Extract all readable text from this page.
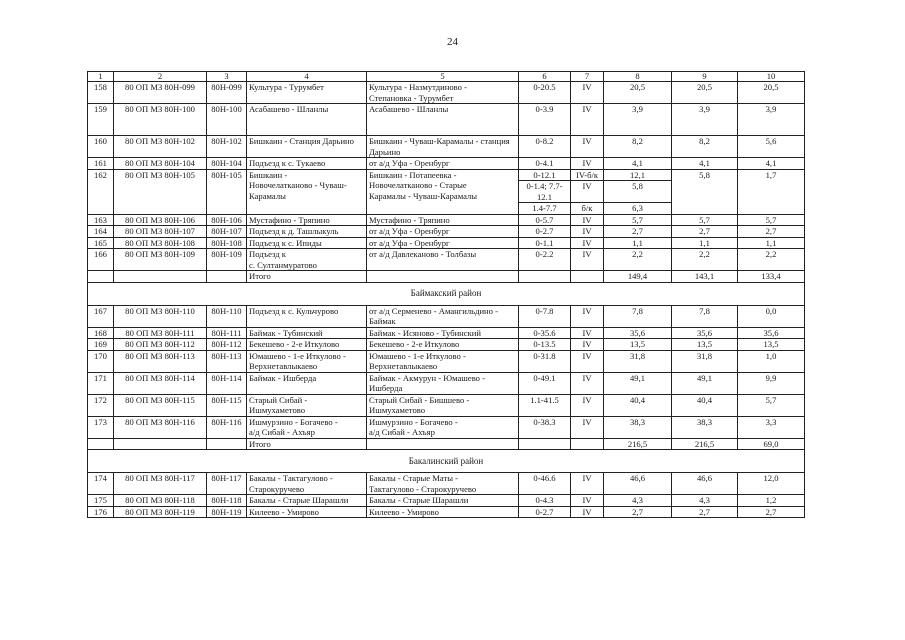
24
1	2	3	4	5	6	7	8	9	10
158	80 ОП МЗ 80Н-099	80Н-099	Культура - Турумбет	Культура - Назмутдиново -
Степановка - Турумбет	0-20.5	IV	20,5	20,5	20,5
159	80 ОП МЗ 80Н-100	80Н-100	Асабашево - Шланлы	Асабашево - Шланлы	0-3.9	IV	3,9	3,9	3,9
160	80 ОП МЗ 80Н-102	80Н-102	Бишкаин - Станция Дарьино	Бишкаин - Чуваш-Карамалы - станция
Дарьино	0-8.2	IV	8,2	8,2	5,6
161	80 ОП МЗ 80Н-104	80Н-104	Подъезд к с. Тукаево	от а/д Уфа - Оренбург	0-4.1	IV	4,1	4,1	4,1
162	80 ОП МЗ 80Н-105	80Н-105	Бишкаин -
Новочелатканово - Чуваш-
Карамалы	Бишкаин - Потапеевка -
Новочелатканово - Старые
Карамалы - Чуваш-Карамалы	0-12.1	IV-б/к	12,1	5,8	1,7
					0-1.4; 7.7-
12.1	IV	5,8		
					1.4-7.7	б/к	6,3		
163	80 ОП МЗ 80Н-106	80Н-106	Мустафино - Тряпино	Мустафино - Тряпино	0-5.7	IV	5,7	5,7	5,7
164	80 ОП МЗ 80Н-107	80Н-107	Подъезд к д. Ташлыкуль	от а/д Уфа - Оренбург	0-2.7	IV	2,7	2,7	2,7
165	80 ОП МЗ 80Н-108	80Н-108	Подъезд к с. Ипиды	от а/д Уфа - Оренбург	0-1.1	IV	1,1	1,1	1,1
166	80 ОП МЗ 80Н-109	80Н-109	Подъезд к
с. Султанмуратово	от а/д Давлеканово - Толбазы	0-2.2	IV	2,2	2,2	2,2
			Итого				149,4	143,1	133,4
Баймакский район									
167	80 ОП МЗ 80Н-110	80Н-110	Подъезд к с. Кульчурово	от а/д Серменево - Амангильдино -
Баймак	0-7.8	IV	7,8	7,8	0,0
168	80 ОП МЗ 80Н-111	80Н-111	Баймак - Тубинский	Баймак - Исяново - Тубинский	0-35.6	IV	35,6	35,6	35,6
169	80 ОП МЗ 80Н-112	80Н-112	Бекешево - 2-е Иткулово	Бекешево - 2-е Иткулово	0-13.5	IV	13,5	13,5	13,5
170	80 ОП МЗ 80Н-113	80Н-113	Юмашево - 1-е Иткулово -
Верхнетавлыкаево	Юмашево - 1-е Иткулово -
Верхнетавлыкаево	0-31.8	IV	31,8	31,8	1,0
171	80 ОП МЗ 80Н-114	80Н-114	Баймак - Ишберда	Баймак - Акмурун - Юмашево -
Ишберда	0-49.1	IV	49,1	49,1	9,9
172	80 ОП МЗ 80Н-115	80Н-115	Старый Сибай -
Ишмухаметово	Старый Сибай - Бишшево -
Ишмухаметово	1.1-41.5	IV	40,4	40,4	5,7
173	80 ОП МЗ 80Н-116	80Н-116	Ишмурзино - Богачево -
а/д Сибай - Ахъяр	Ишмурзино - Богачево -
а/д Сибай - Ахъяр	0-38.3	IV	38,3	38,3	3,3
			Итого				216,5	216,5	69,0
Бакалинский район									
174	80 ОП МЗ 80Н-117	80Н-117	Бакалы - Тактагулово -
Старокуручево	Бакалы - Старые Маты -
Тактагулово - Старокуручево	0-46.6	IV	46,6	46,6	12,0
175	80 ОП МЗ 80Н-118	80Н-118	Бакалы - Старые Шарашли	Бакалы - Старые Шарашли	0-4.3	IV	4,3	4,3	1,2
176	80 ОП МЗ 80Н-119	80Н-119	Килеево - Умирово	Килеево - Умирово	0-2.7	IV	2,7	2,7	2,7
